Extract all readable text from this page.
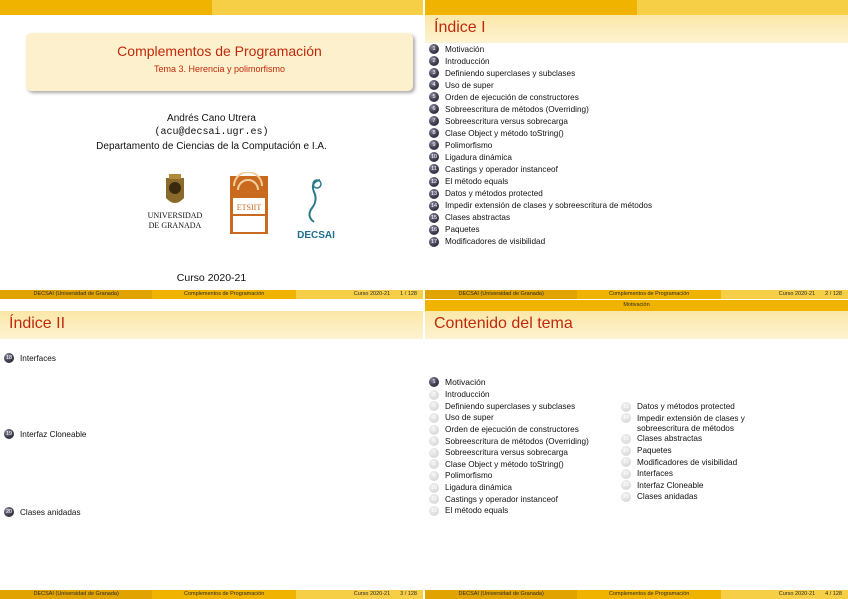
Complementos de Programación
Tema 3. Herencia y polimorfismo
Andrés Cano Utrera
(acu@decsai.ugr.es)
Departamento de Ciencias de la Computación e I.A.
UNIVERSIDAD
DE GRANADA
ETSIIT
DECSAI
Curso 2020-21
DECSAI (Universidad de Granada)	Complementos de Programación	Curso 2020-21 1 / 128
Índice I
1	Motivación
2	Introducción
3	Definiendo superclases y subclases
4	Uso de super
5	Orden de ejecución de constructores
6	Sobreescritura de métodos (Overriding)
7	Sobreescritura versus sobrecarga
8	Clase Object y método toString()
9	Polimorfismo
10 Ligadura dinámica
11 Castings y operador instanceof
12 El método equals
13 Datos y métodos protected
14 Impedir extensión de clases y sobreescritura de métodos
15 Clases abstractas
16 Paquetes
17 Modificadores de visibilidad
DECSAI (Universidad de Granada)	Complementos de Programación	Curso 2020-21 2 / 128
Índice II
18 Interfaces
19 Interfaz Cloneable
20 Clases anidadas
DECSAI (Universidad de Granada)	Complementos de Programación	Curso 2020-21 3 / 128
Motivación
Contenido del tema
1	Motivación
2	Introducción
3	Definiendo superclases y subclases
4	Uso de super
5	Orden de ejecución de constructores
6	Sobreescritura de métodos (Overriding)
7	Sobreescritura versus sobrecarga
8	Clase Object y método toString()
9	Polimorfismo
10 Ligadura dinámica
11 Castings y operador instanceof
12 El método equals
13 Datos y métodos protected
14 Impedir extensión de clases y
sobreescritura de métodos
15 Clases abstractas
16 Paquetes
17 Modificadores de visibilidad
18 Interfaces
19 Interfaz Cloneable
20 Clases anidadas
DECSAI (Universidad de Granada)	Complementos de Programación	Curso 2020-21 4 / 128
